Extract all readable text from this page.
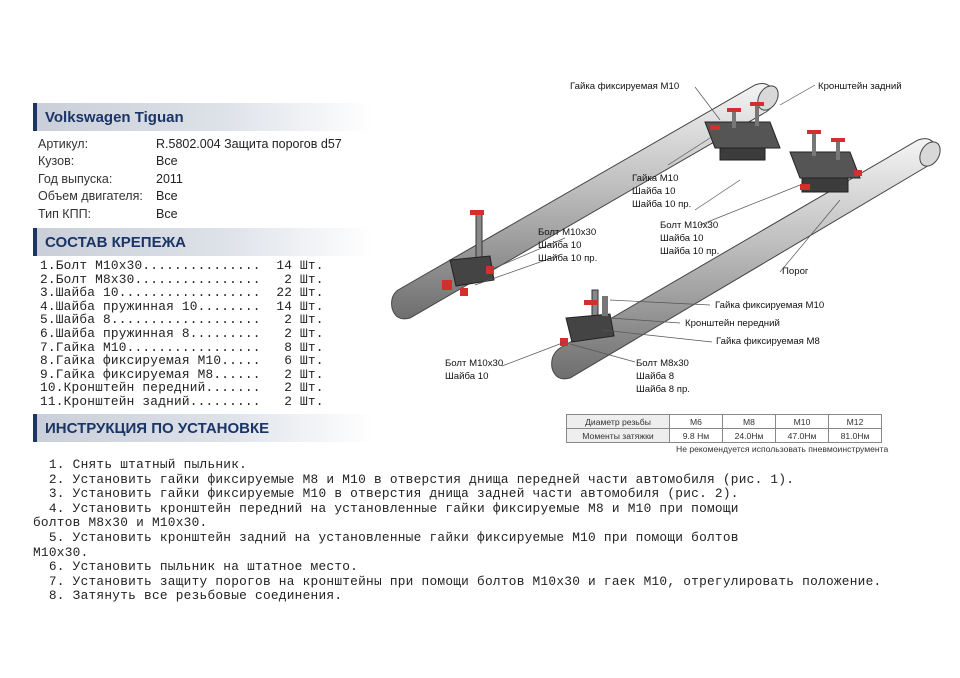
Volkswagen Tiguan
Артикул:	R.5802.004 Защита порогов d57
Кузов:	Все
Год выпуска:	2011
Объем двигателя:	Все
Тип КПП:	Все
СОСТАВ КРЕПЕЖА
1.Болт М10х30...............  14 Шт.
2.Болт М8х30................   2 Шт.
3.Шайба 10..................  22 Шт.
4.Шайба пружинная 10........  14 Шт.
5.Шайба 8...................   2 Шт.
6.Шайба пружинная 8.........   2 Шт.
7.Гайка М10.................   8 Шт.
8.Гайка фиксируемая М10.....   6 Шт.
9.Гайка фиксируемая М8......   2 Шт.
10.Кронштейн передний.......   2 Шт.
11.Кронштейн задний.........   2 Шт.
ИНСТРУКЦИЯ ПО УСТАНОВКЕ
1. Снять штатный пыльник.
2. Установить гайки фиксируемые М8 и М10 в отверстия днища передней части автомобиля (рис. 1).
3. Установить гайки фиксируемые М10 в отверстия днища задней части автомобиля (рис. 2).
4. Установить кронштейн передний на установленные гайки фиксируемые М8 и М10 при помощи
болтов М8х30 и М10х30.
5. Установить кронштейн задний на установленные гайки фиксируемые М10 при помощи болтов
М10х30.
6. Установить пыльник на штатное место.
7. Установить защиту порогов на кронштейны при помощи болтов М10х30 и гаек М10, отрегулировать положение.
8. Затянуть все резьбовые соединения.
Гайка фиксируемая М10	Кронштейн задний
Гайка М10
Шайба 10
Шайба 10 пр.
Болт М10х30
Шайба 10
Шайба 10 пр.
Болт М10х30
Шайба 10
Шайба 10 пр.
Порог
Гайка фиксируемая М10
Кронштейн передний
Гайка фиксируемая М8
Болт М10х30
Шайба 10
Болт М8х30
Шайба 8
Шайба 8 пр.
Диаметр резьбы	М6	М8	М10	М12
Моменты затяжки	9.8 Нм	24.0Нм	47.0Нм	81.0Нм
Не рекомендуется использовать пневмоинструмента
